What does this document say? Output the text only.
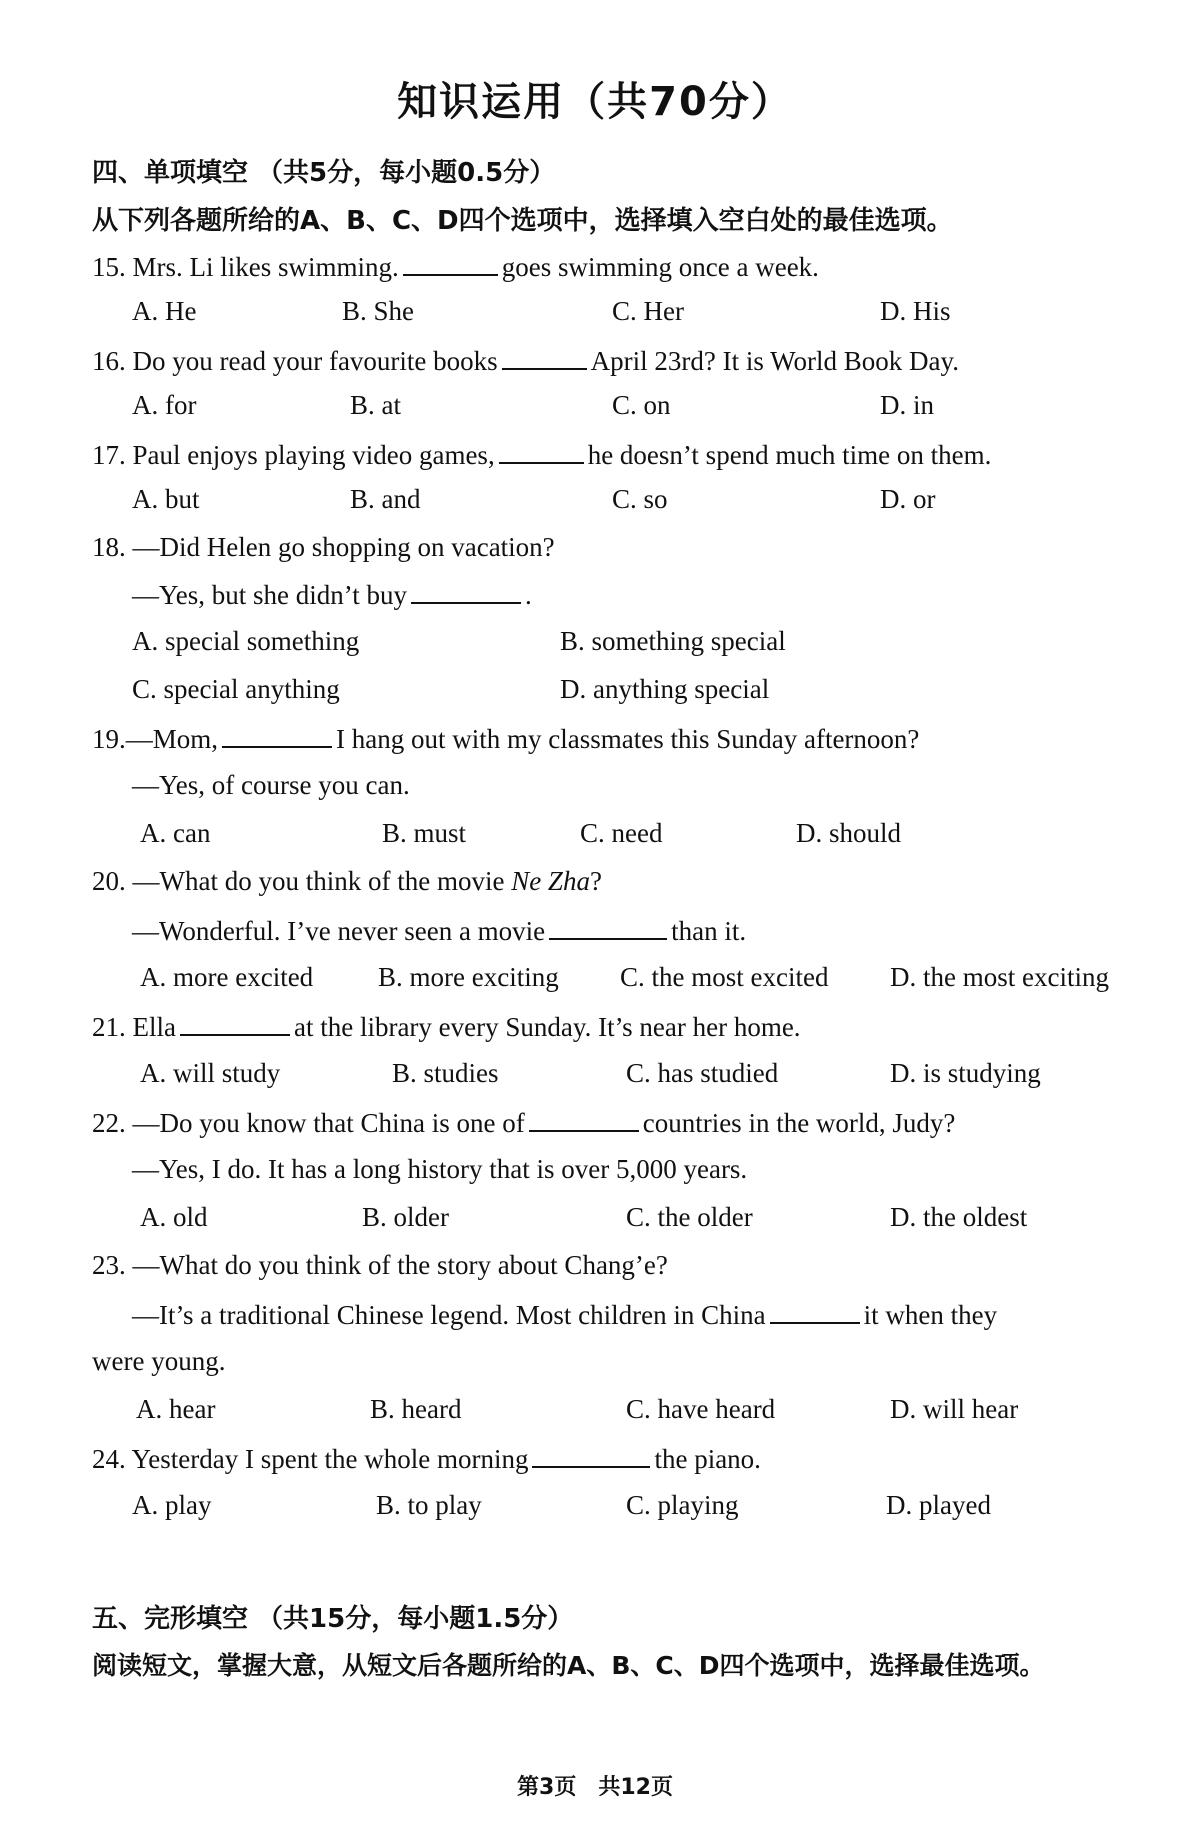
知识运用（共70分）
四、单项填空 （共5分，每小题0.5分）
从下列各题所给的A、B、C、D四个选项中，选择填入空白处的最佳选项。
15. Mrs. Li likes swimming.	goes swimming once a week.
A. He	B. She	C. Her	D. His
16. Do you read your favourite books	April 23rd? It is World Book Day.
A. for	B. at	C. on	D. in
17. Paul enjoys playing video games,	he doesn’t spend much time on them.
A. but	B. and	C. so	D. or
18. —Did Helen go shopping on vacation?
—Yes, but she didn’t buy	.
A. special something	B. something special
C. special anything	D. anything special
19.—Mom,	I hang out with my classmates this Sunday afternoon?
—Yes, of course you can.
A. can	B. must	C. need	D. should
20. —What do you think of the movie Ne Zha?
—Wonderful. I’ve never seen a movie	than it.
A. more excited B. more exciting C. the most excited D. the most exciting
21. Ella	at the library every Sunday. It’s near her home.
A. will study	B. studies	C. has studied	D. is studying
22. —Do you know that China is one of	countries in the world, Judy?
—Yes, I do. It has a long history that is over 5,000 years.
A. old	B. older	C. the older	D. the oldest
23. —What do you think of the story about Chang’e?
—It’s a traditional Chinese legend. Most children in China	it when they
were young.
A. hear	B. heard	C. have heard	D. will hear
24. Yesterday I spent the whole morning	the piano.
A. play	B. to play	C. playing	D. played
五、完形填空 （共15分，每小题1.5分）
阅读短文，掌握大意，从短文后各题所给的A、B、C、D四个选项中，选择最佳选项。
第3页　共12页
